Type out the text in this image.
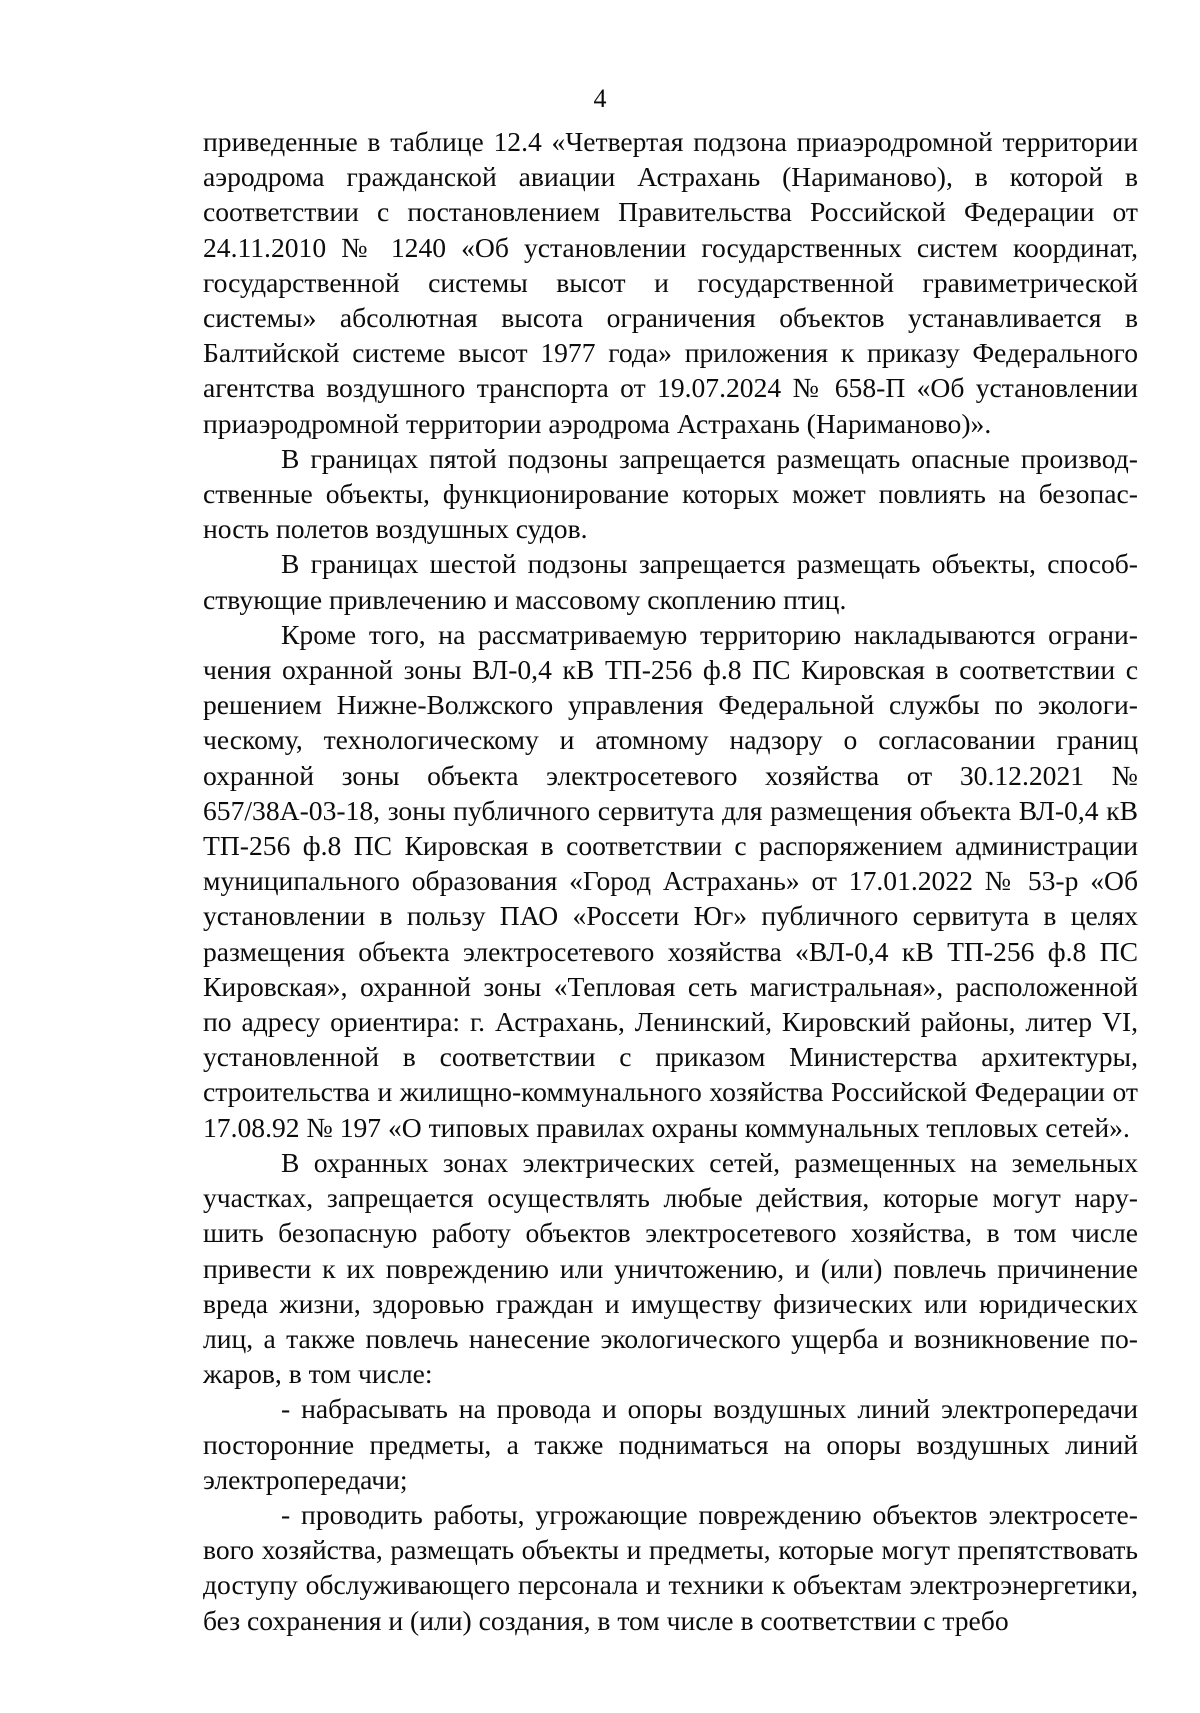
4

приведенные в таблице 12.4 «Четвертая подзона приаэродромной территории аэродрома гражданской авиации Астрахань (Нариманово), в которой в соответствии с постановлением Правительства Российской Федерации от 24.11.2010 № 1240 «Об установлении государственных систем координат, государственной системы высот и государственной гравиметрической системы» абсолютная высота ограничения объектов устанавливается в Балтийской системе высот 1977 года» приложения к приказу Федерального агентства воздушного транспорта от 19.07.2024 № 658-П «Об установлении приаэродромной территории аэродрома Астрахань (Нариманово)».

В границах пятой подзоны запрещается размещать опасные производственные объекты, функционирование которых может повлиять на безопасность полетов воздушных судов.

В границах шестой подзоны запрещается размещать объекты, способствующие привлечению и массовому скоплению птиц.

Кроме того, на рассматриваемую территорию накладываются ограничения охранной зоны ВЛ-0,4 кВ ТП-256 ф.8 ПС Кировская в соответствии с решением Нижне-Волжского управления Федеральной службы по экологическому, технологическому и атомному надзору о согласовании границ охранной зоны объекта электросетевого хозяйства от 30.12.2021 № 657/38А-03-18, зоны публичного сервитута для размещения объекта ВЛ-0,4 кВ ТП-256 ф.8 ПС Кировская в соответствии с распоряжением администрации муниципального образования «Город Астрахань» от 17.01.2022 № 53-р «Об установлении в пользу ПАО «Россети Юг» публичного сервитута в целях размещения объекта электросетевого хозяйства «ВЛ-0,4 кВ ТП-256 ф.8 ПС Кировская», охранной зоны «Тепловая сеть магистральная», расположенной по адресу ориентира: г. Астрахань, Ленинский, Кировский районы, литер VI, установленной в соответствии с приказом Министерства архитектуры, строительства и жилищно-коммунального хозяйства Российской Федерации от 17.08.92 № 197 «О типовых правилах охраны коммунальных тепловых сетей».

В охранных зонах электрических сетей, размещенных на земельных участках, запрещается осуществлять любые действия, которые могут нарушить безопасную работу объектов электросетевого хозяйства, в том числе привести к их повреждению или уничтожению, и (или) повлечь причинение вреда жизни, здоровью граждан и имуществу физических или юридических лиц, а также повлечь нанесение экологического ущерба и возникновение пожаров, в том числе:

- набрасывать на провода и опоры воздушных линий электропередачи посторонние предметы, а также подниматься на опоры воздушных линий электропередачи;

- проводить работы, угрожающие повреждению объектов электросетевого хозяйства, размещать объекты и предметы, которые могут препятствовать доступу обслуживающего персонала и техники к объектам электроэнергетики, без сохранения и (или) создания, в том числе в соответствии с требо
